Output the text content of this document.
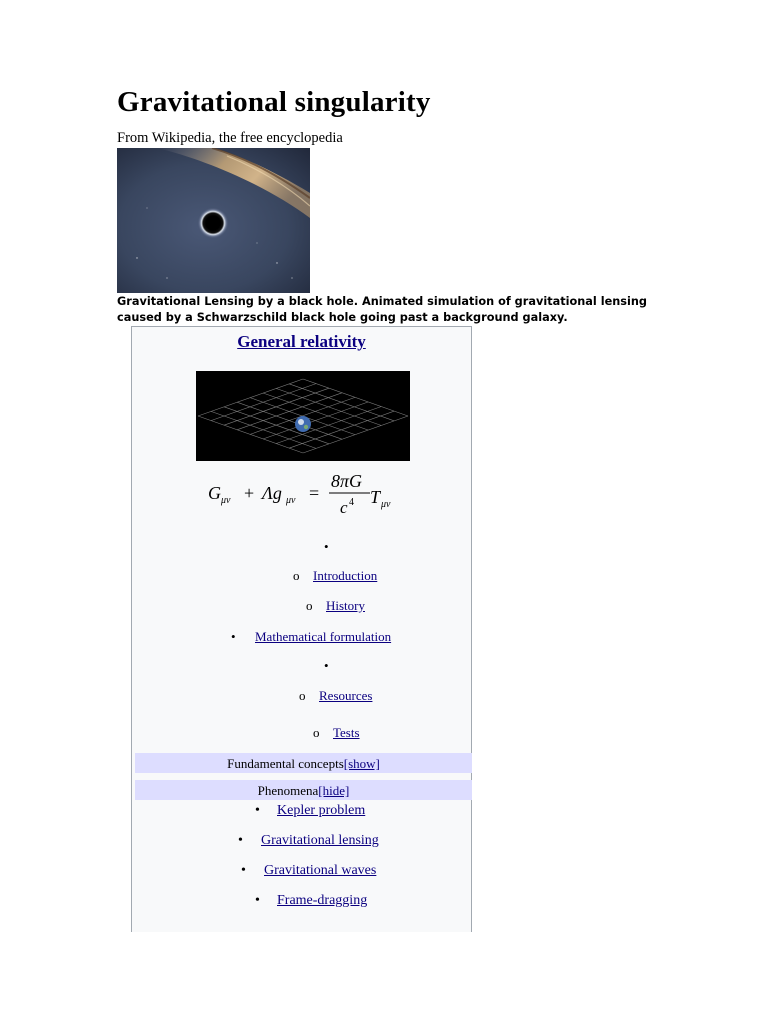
Gravitational singularity
From Wikipedia, the free encyclopedia
Gravitational Lensing by a black hole. Animated simulation of gravitational lensing caused by a Schwarzschild black hole going past a background galaxy.
General relativity
G μν + Λg μν =
8πG
c 4 T μν
•
o Introduction
o History
• Mathematical formulation
•
o Resources
o Tests
Fundamental concepts[show]
Phenomena[hide]
• Kepler problem
• Gravitational lensing
• Gravitational waves
• Frame-dragging
